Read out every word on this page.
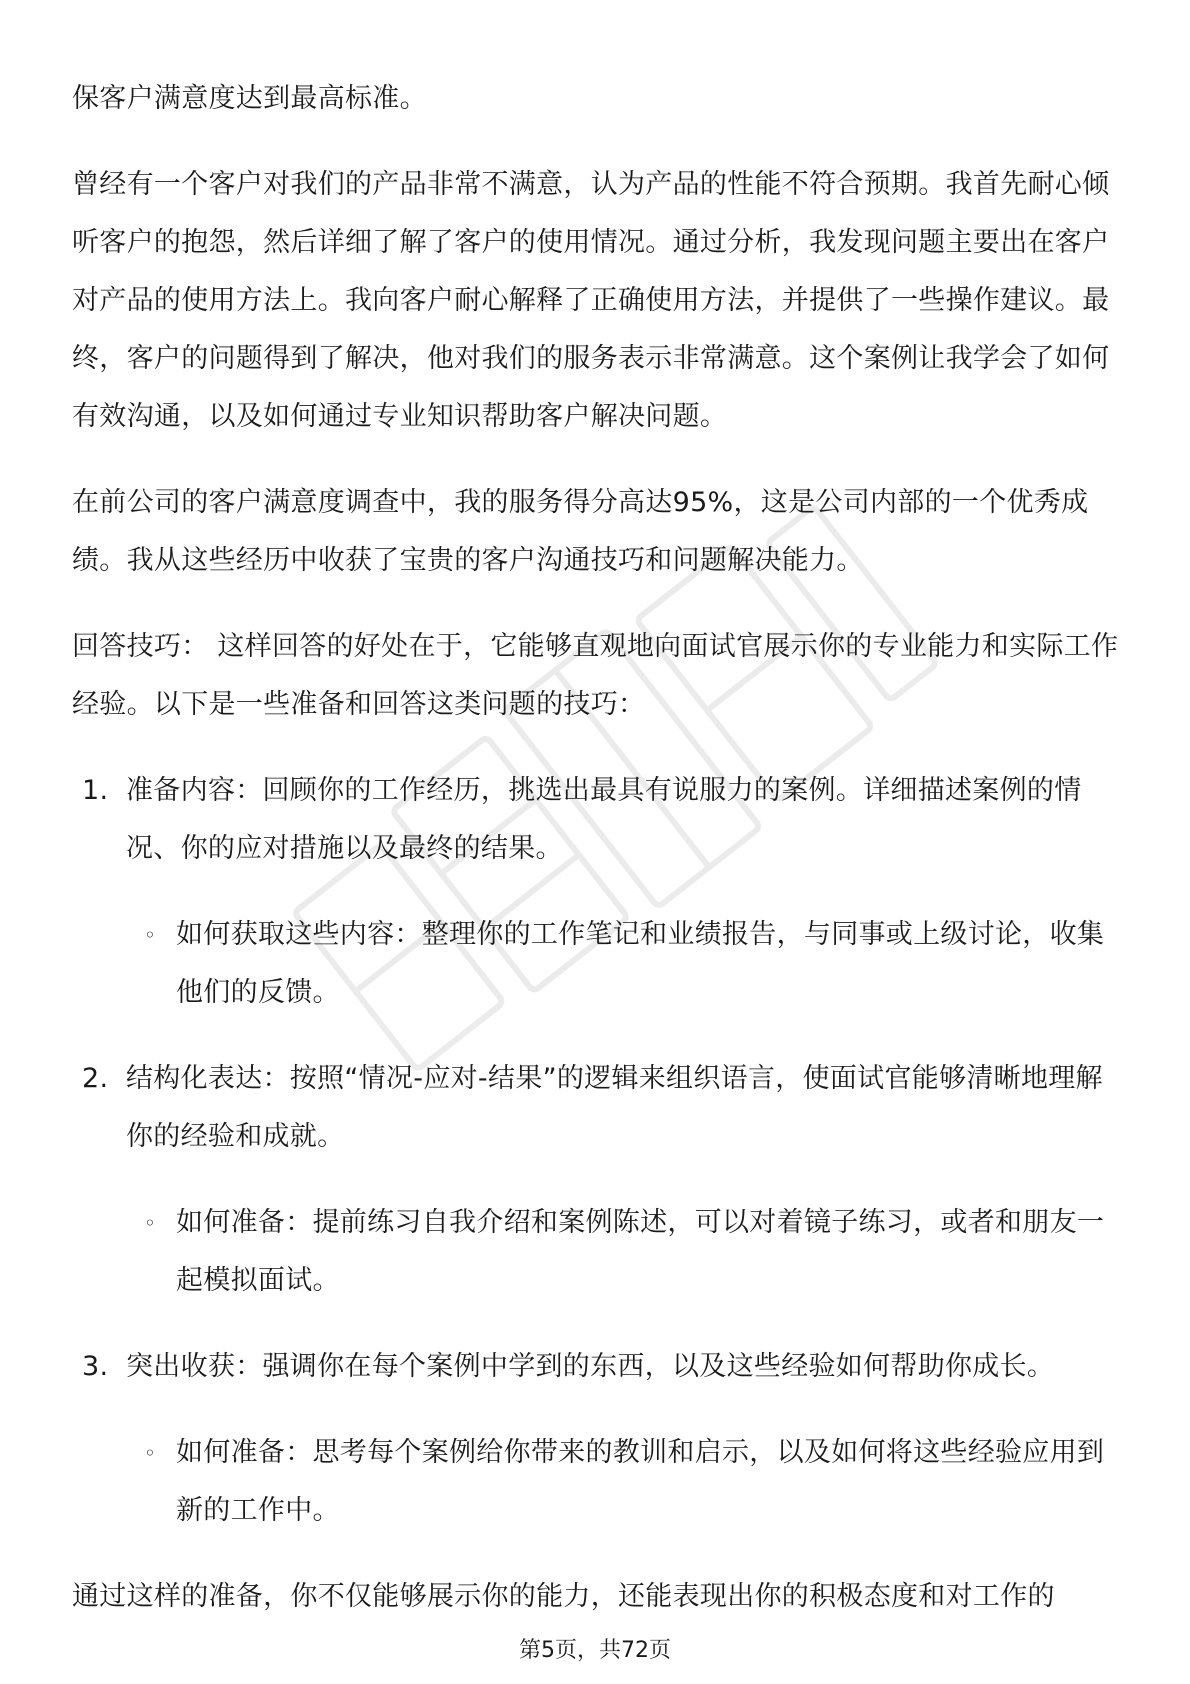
保客户满意度达到最高标准。

曾经有一个客户对我们的产品非常不满意，认为产品的性能不符合预期。我首先耐心倾听客户的抱怨，然后详细了解了客户的使用情况。通过分析，我发现问题主要出在客户对产品的使用方法上。我向客户耐心解释了正确使用方法，并提供了一些操作建议。最终，客户的问题得到了解决，他对我们的服务表示非常满意。这个案例让我学会了如何有效沟通，以及如何通过专业知识帮助客户解决问题。

在前公司的客户满意度调查中，我的服务得分高达95%，这是公司内部的一个优秀成绩。我从这些经历中收获了宝贵的客户沟通技巧和问题解决能力。

回答技巧： 这样回答的好处在于，它能够直观地向面试官展示你的专业能力和实际工作经验。以下是一些准备和回答这类问题的技巧：

1. 准备内容：回顾你的工作经历，挑选出最具有说服力的案例。详细描述案例的情况、你的应对措施以及最终的结果。
◦ 如何获取这些内容：整理你的工作笔记和业绩报告，与同事或上级讨论，收集他们的反馈。
2. 结构化表达：按照“情况-应对-结果”的逻辑来组织语言，使面试官能够清晰地理解你的经验和成就。
◦ 如何准备：提前练习自我介绍和案例陈述，可以对着镜子练习，或者和朋友一起模拟面试。
3. 突出收获：强调你在每个案例中学到的东西，以及这些经验如何帮助你成长。
◦ 如何准备：思考每个案例给你带来的教训和启示，以及如何将这些经验应用到新的工作中。

通过这样的准备，你不仅能够展示你的能力，还能表现出你的积极态度和对工作的

第5页，共72页
